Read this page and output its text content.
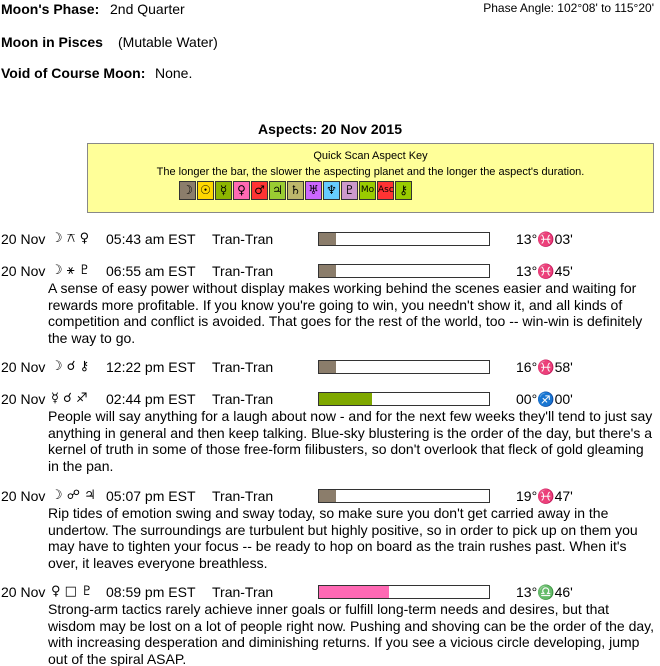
Moon's Phase: 2nd Quarter	Phase Angle: 102°08' to 115°20'
Moon in Pisces (Mutable Water)
Void of Course Moon: None.
Aspects: 20 Nov 2015
Quick Scan Aspect Key
The longer the bar, the slower the aspecting planet and the longer the aspect's duration.
☽ ☉ ☿ ♀ ♂ ♃ ♄ ♅ ♆ ♇ Mo Asc ⚷
20 Nov ☽ ⚻ ♀ 05:43 am EST Tran-Tran	13°♓03'
20 Nov ☽ ⚹ ♇ 06:55 am EST Tran-Tran	13°♓45'
A sense of easy power without display makes working behind the scenes easier and waiting for rewards more profitable. If you know you're going to win, you needn't show it, and all kinds of competition and conflict is avoided. That goes for the rest of the world, too -- win-win is definitely the way to go.
20 Nov ☽ ☌ ⚷ 12:22 pm EST Tran-Tran	16°♓58'
20 Nov ☿ ☌ ♐ 02:44 pm EST Tran-Tran	00°♐00'
People will say anything for a laugh about now - and for the next few weeks they'll tend to just say anything in general and then keep talking. Blue-sky blustering is the order of the day, but there's a kernel of truth in some of those free-form filibusters, so don't overlook that fleck of gold gleaming in the pan.
20 Nov ☽ ☍ ♃ 05:07 pm EST Tran-Tran	19°♓47'
Rip tides of emotion swing and sway today, so make sure you don't get carried away in the undertow. The surroundings are turbulent but highly positive, so in order to pick up on them you may have to tighten your focus -- be ready to hop on board as the train rushes past. When it's over, it leaves everyone breathless.
20 Nov ♀ □ ♇ 08:59 pm EST Tran-Tran	13°♎46'
Strong-arm tactics rarely achieve inner goals or fulfill long-term needs and desires, but that wisdom may be lost on a lot of people right now. Pushing and shoving can be the order of the day, with increasing desperation and diminishing returns. If you see a vicious circle developing, jump out of the spiral ASAP.
